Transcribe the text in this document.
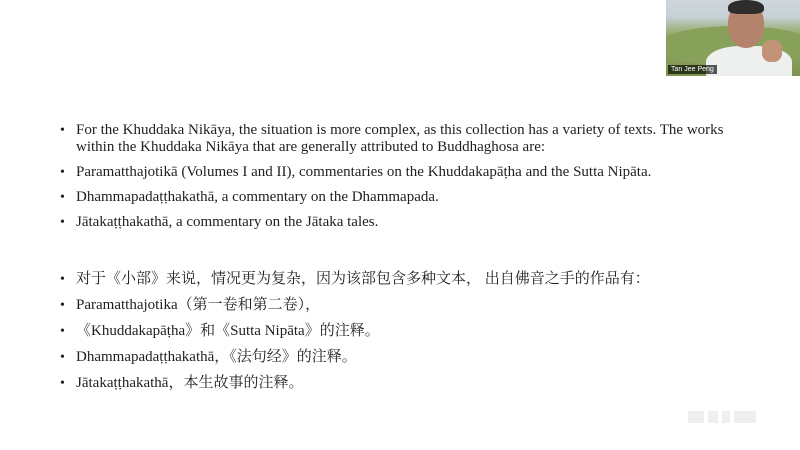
• For the Khuddaka Nikāya, the situation is more complex, as this collection has a variety of texts. The works within the Khuddaka Nikāya that are generally attributed to Buddhaghosa are:
• Paramatthajotikā (Volumes I and II), commentaries on the Khuddakapāṭha and the Sutta Nipāta.
• Dhammapadaṭṭhakathā, a commentary on the Dhammapada.
• Jātakaṭṭhakathā, a commentary on the Jātaka tales.
• 对于《小部》来说，情况更为复杂，因为该部包含多种文本， 出自佛音之手的作品有：
• Paramatthajotika（第一卷和第二卷），
• 《Khuddakapāṭha》和《Sutta Nipāta》的注释。
• Dhammapadaṭṭhakathā，《法句经》的注释。
• Jātakaṭṭhakathā，本生故事的注释。
Tan Jee Peng
